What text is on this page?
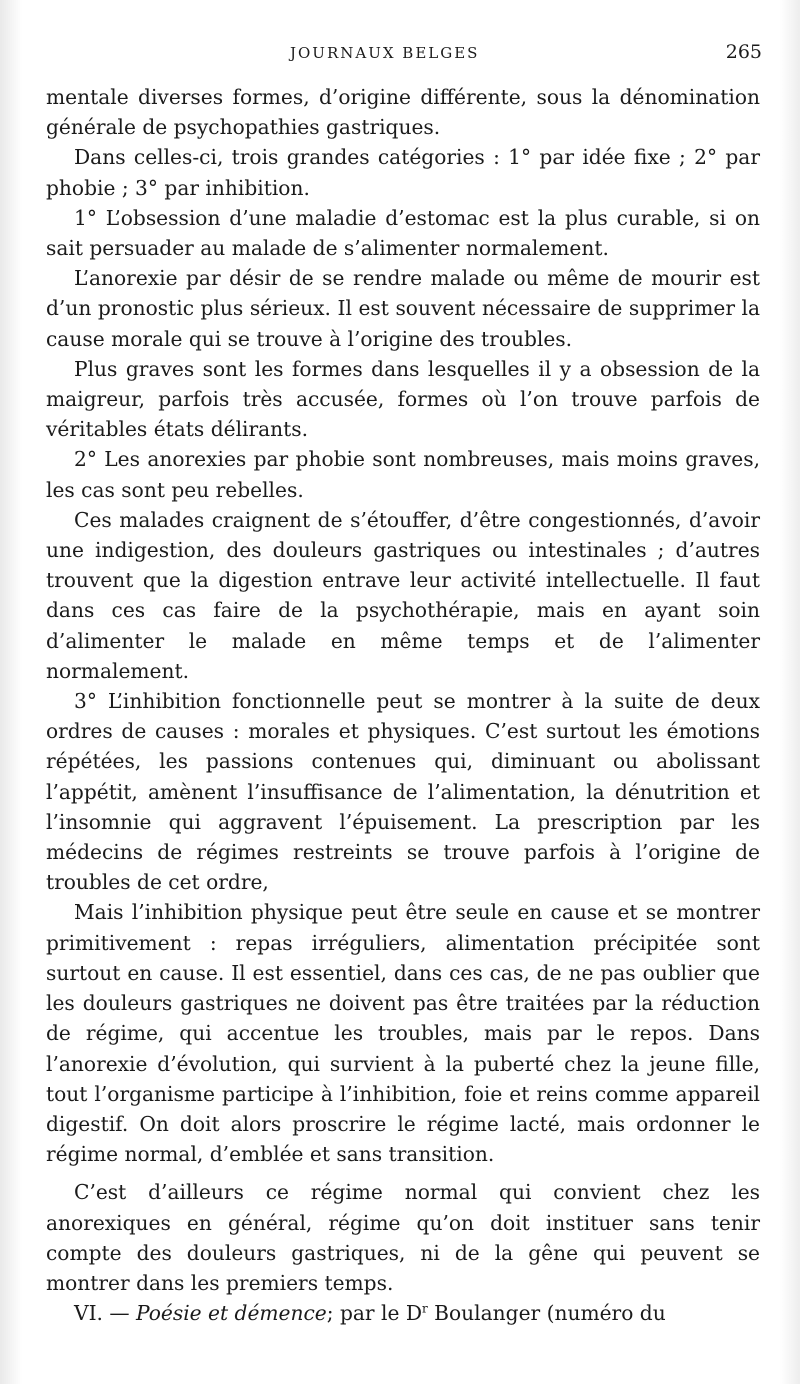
JOURNAUX BELGES	265

mentale diverses formes, d’origine différente, sous la dénomination générale de psychopathies gastriques.

Dans celles-ci, trois grandes catégories : 1° par idée fixe ; 2° par phobie ; 3° par inhibition.

1° L’obsession d’une maladie d’estomac est la plus curable, si on sait persuader au malade de s’alimenter normalement.

L’anorexie par désir de se rendre malade ou même de mourir est d’un pronostic plus sérieux. Il est souvent nécessaire de supprimer la cause morale qui se trouve à l’origine des troubles.

Plus graves sont les formes dans lesquelles il y a obsession de la maigreur, parfois très accusée, formes où l’on trouve parfois de véritables états délirants.

2° Les anorexies par phobie sont nombreuses, mais moins graves, les cas sont peu rebelles.

Ces malades craignent de s’étouffer, d’être congestionnés, d’avoir une indigestion, des douleurs gastriques ou intestinales ; d’autres trouvent que la digestion entrave leur activité intellectuelle. Il faut dans ces cas faire de la psychothérapie, mais en ayant soin d’alimenter le malade en même temps et de l’alimenter normalement.

3° L’inhibition fonctionnelle peut se montrer à la suite de deux ordres de causes : morales et physiques. C’est surtout les émotions répétées, les passions contenues qui, diminuant ou abolissant l’appétit, amènent l’insuffisance de l’alimentation, la dénutrition et l’insomnie qui aggravent l’épuisement. La prescription par les médecins de régimes restreints se trouve parfois à l’origine de troubles de cet ordre,

Mais l’inhibition physique peut être seule en cause et se montrer primitivement : repas irréguliers, alimentation précipitée sont surtout en cause. Il est essentiel, dans ces cas, de ne pas oublier que les douleurs gastriques ne doivent pas être traitées par la réduction de régime, qui accentue les troubles, mais par le repos. Dans l’anorexie d’évolution, qui survient à la puberté chez la jeune fille, tout l’organisme participe à l’inhibition, foie et reins comme appareil digestif. On doit alors proscrire le régime lacté, mais ordonner le régime normal, d’emblée et sans transition.

C’est d’ailleurs ce régime normal qui convient chez les anorexiques en général, régime qu’on doit instituer sans tenir compte des douleurs gastriques, ni de la gêne qui peuvent se montrer dans les premiers temps.

VI. — Poésie et démence; par le $D^r$ Boulanger (numéro du
